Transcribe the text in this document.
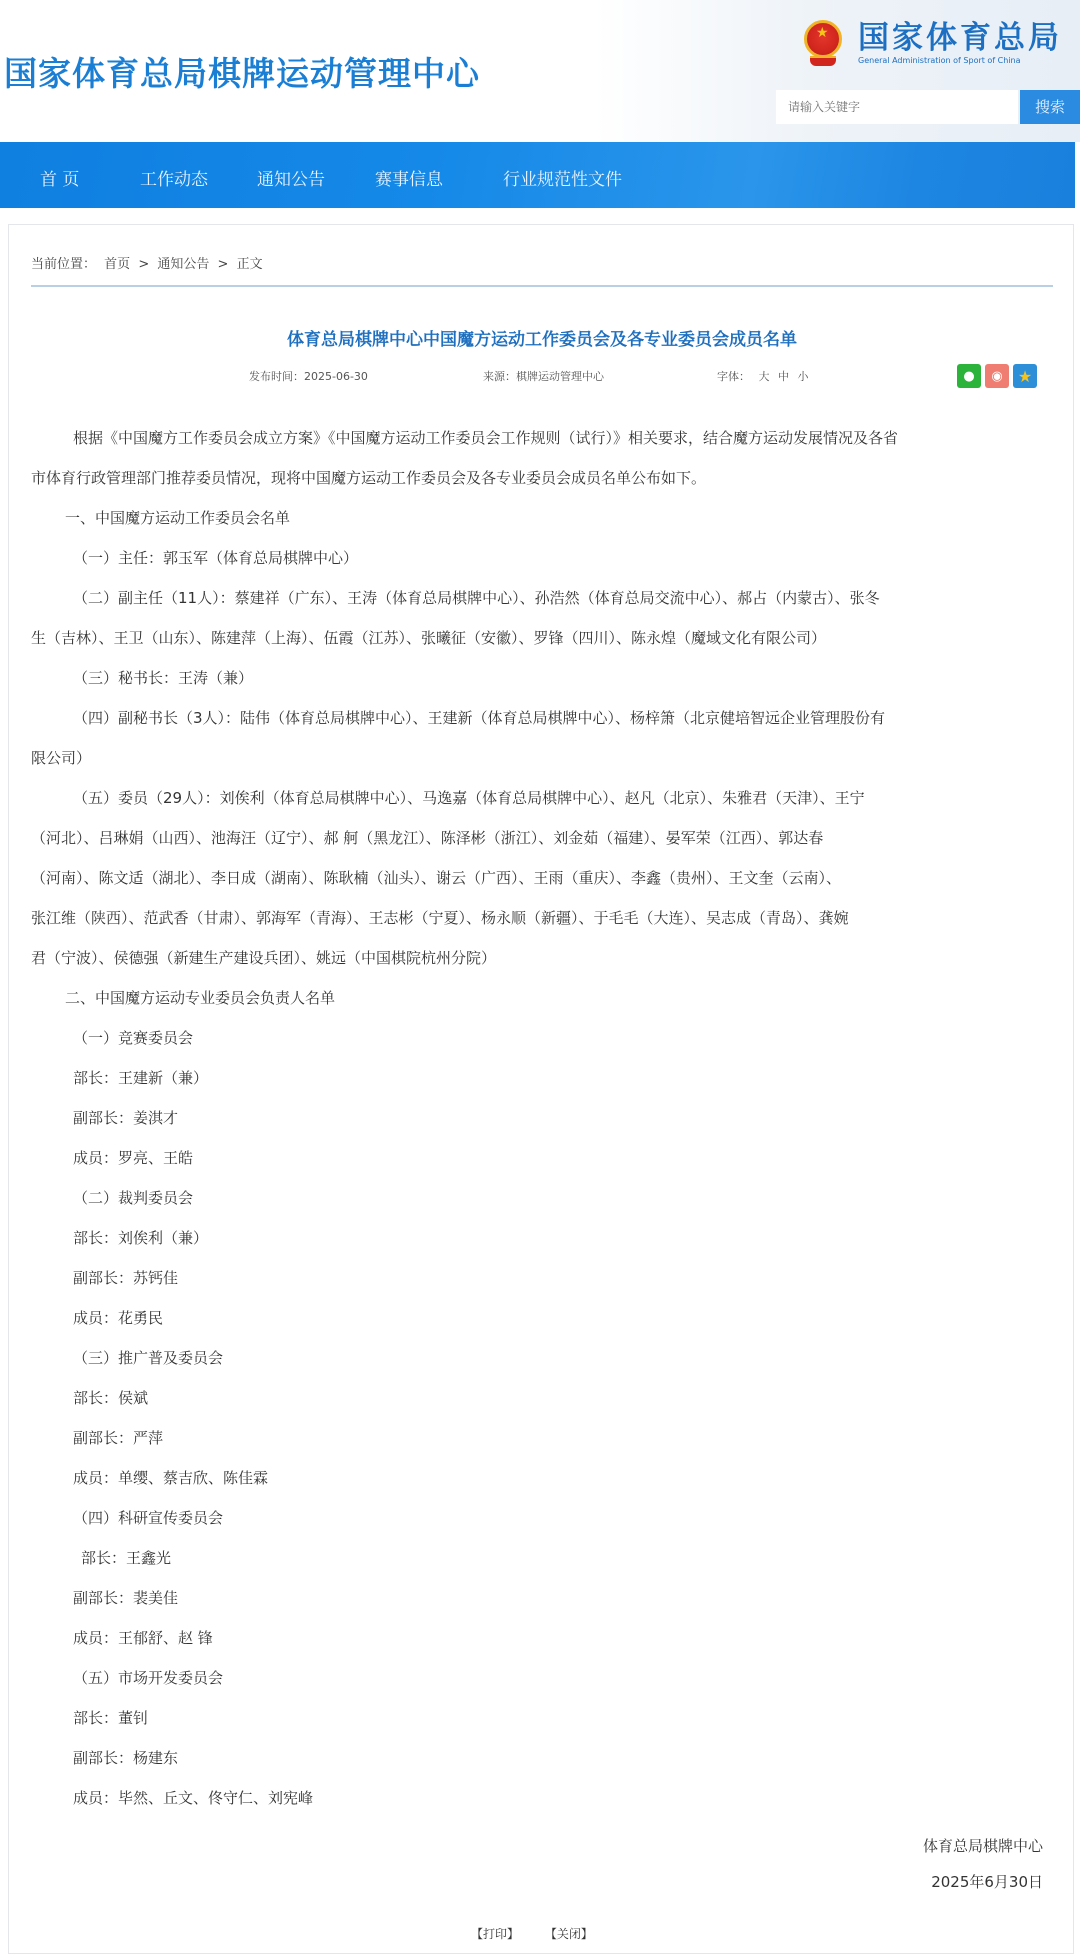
国家体育总局棋牌运动管理中心
★ 国家体育总局
General Administration of Sport of China
请输入关键字
搜索
首 页	工作动态	通知公告	赛事信息	行业规范性文件
当前位置： 首页 > 通知公告 > 正文
体育总局棋牌中心中国魔方运动工作委员会及各专业委员会成员名单
发布时间：2025-06-30	来源：棋牌运动管理中心	字体： 大 中 小	● ◉ ★
根据《中国魔方工作委员会成立方案》《中国魔方运动工作委员会工作规则（试行）》相关要求，结合魔方运动发展情况及各省
市体育行政管理部门推荐委员情况，现将中国魔方运动工作委员会及各专业委员会成员名单公布如下。
一、中国魔方运动工作委员会名单
（一）主任：郭玉军（体育总局棋牌中心）
（二）副主任（11人）：蔡建祥（广东）、王涛（体育总局棋牌中心）、孙浩然（体育总局交流中心）、郝占（内蒙古）、张冬
生（吉林）、王卫（山东）、陈建萍（上海）、伍霞（江苏）、张曦征（安徽）、罗锋（四川）、陈永煌（魔域文化有限公司）
（三）秘书长：王涛（兼）
（四）副秘书长（3人）：陆伟（体育总局棋牌中心）、王建新（体育总局棋牌中心）、杨梓箫（北京健培智远企业管理股份有
限公司）
（五）委员（29人）：刘俟利（体育总局棋牌中心）、马逸嘉（体育总局棋牌中心）、赵凡（北京）、朱雅君（天津）、王宁
（河北）、吕琳娟（山西）、池海汪（辽宁）、郝 舸（黑龙江）、陈泽彬（浙江）、刘金茹（福建）、晏军荣（江西）、郭达春
（河南）、陈文适（湖北）、李日成（湖南）、陈耿楠（汕头）、谢云（广西）、王雨（重庆）、李鑫（贵州）、王文奎（云南）、
张江维（陕西）、范武香（甘肃）、郭海军（青海）、王志彬（宁夏）、杨永顺（新疆）、于毛毛（大连）、吴志成（青岛）、龚婉
君（宁波）、侯德强（新建生产建设兵团）、姚远（中国棋院杭州分院）
二、中国魔方运动专业委员会负责人名单
（一）竞赛委员会
部长：王建新（兼）
副部长：姜淇才
成员：罗亮、王皓
（二）裁判委员会
部长：刘俟利（兼）
副部长：苏钙佳
成员：花勇民
（三）推广普及委员会
部长：侯斌
副部长：严萍
成员：单缨、蔡吉欣、陈佳霖
（四）科研宣传委员会
部长：王鑫光
副部长：裴美佳
成员：王郁舒、赵 锋
（五）市场开发委员会
部长：董钊
副部长：杨建东
成员：毕然、丘文、佟守仁、刘宪峰
体育总局棋牌中心
2025年6月30日
【打印】 【关闭】
